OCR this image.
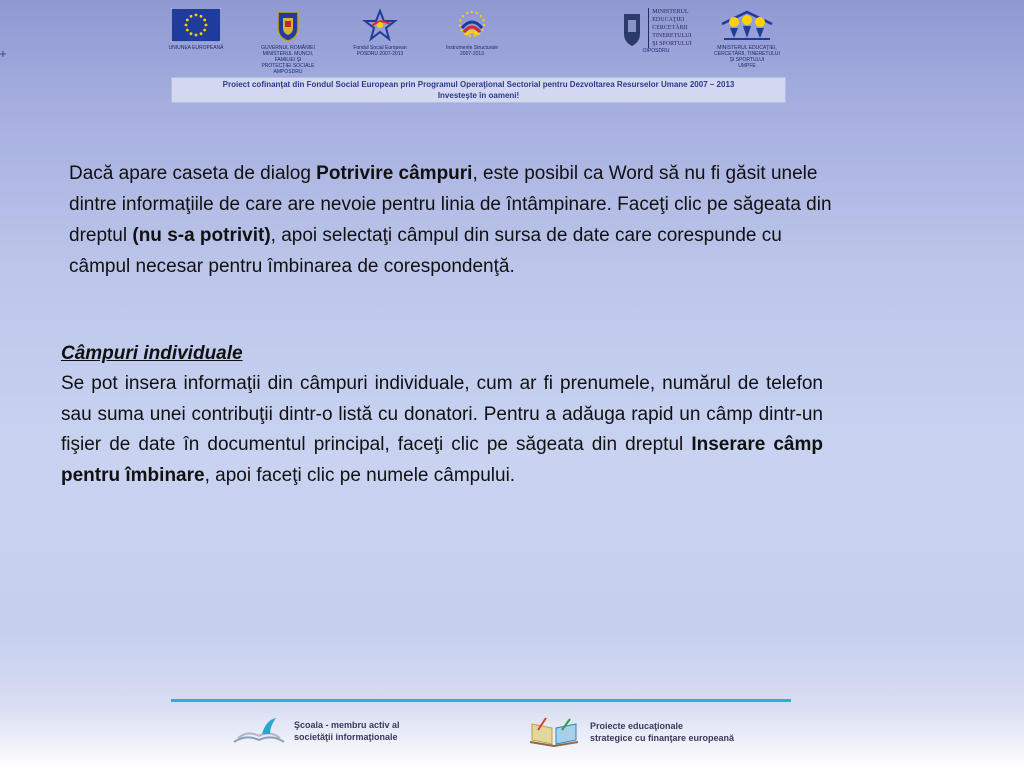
UNIUNEA EUROPEANĂ	GUVERNUL ROMÂNIEI
MINISTERUL MUNCII, FAMILIEI ȘI
PROTECȚIEI SOCIALE
AMPOSDRU
Fondul Social European
POSDRU 2007-2013
Instrumente Structurale
2007-2013
MINISTERUL
EDUCAŢIEI
CERCETĂRII
TINERETULUI
ŞI SPORTULUI
OIPOSDRU	MINISTERUL EDUCAȚIEI,
CERCETĂRII, TINERETULUI
ȘI SPORTULUI
UMPFE
Proiect cofinanţat din Fondul Social European prin Programul Operaţional Sectorial pentru Dezvoltarea Resurselor Umane 2007 – 2013
Investeşte în oameni!
Dacă apare caseta de dialog Potrivire câmpuri, este posibil ca Word să nu fi găsit unele dintre informaţiile de care are nevoie pentru linia de întâmpinare. Faceţi clic pe săgeata din dreptul (nu s-a potrivit), apoi selectaţi câmpul din sursa de date care corespunde cu câmpul necesar pentru îmbinarea de corespondenţă.
Câmpuri individuale
Se pot insera informaţii din câmpuri individuale, cum ar fi prenumele, numărul de telefon sau suma unei contribuţii dintr-o listă cu donatori. Pentru a adăuga rapid un câmp dintr-un fişier de date în documentul principal, faceţi clic pe săgeata din dreptul Inserare câmp pentru îmbinare, apoi faceţi clic pe numele câmpului.
Şcoala - membru activ al
societăţii informaţionale
Proiecte educaţionale
strategice cu finanţare europeană
